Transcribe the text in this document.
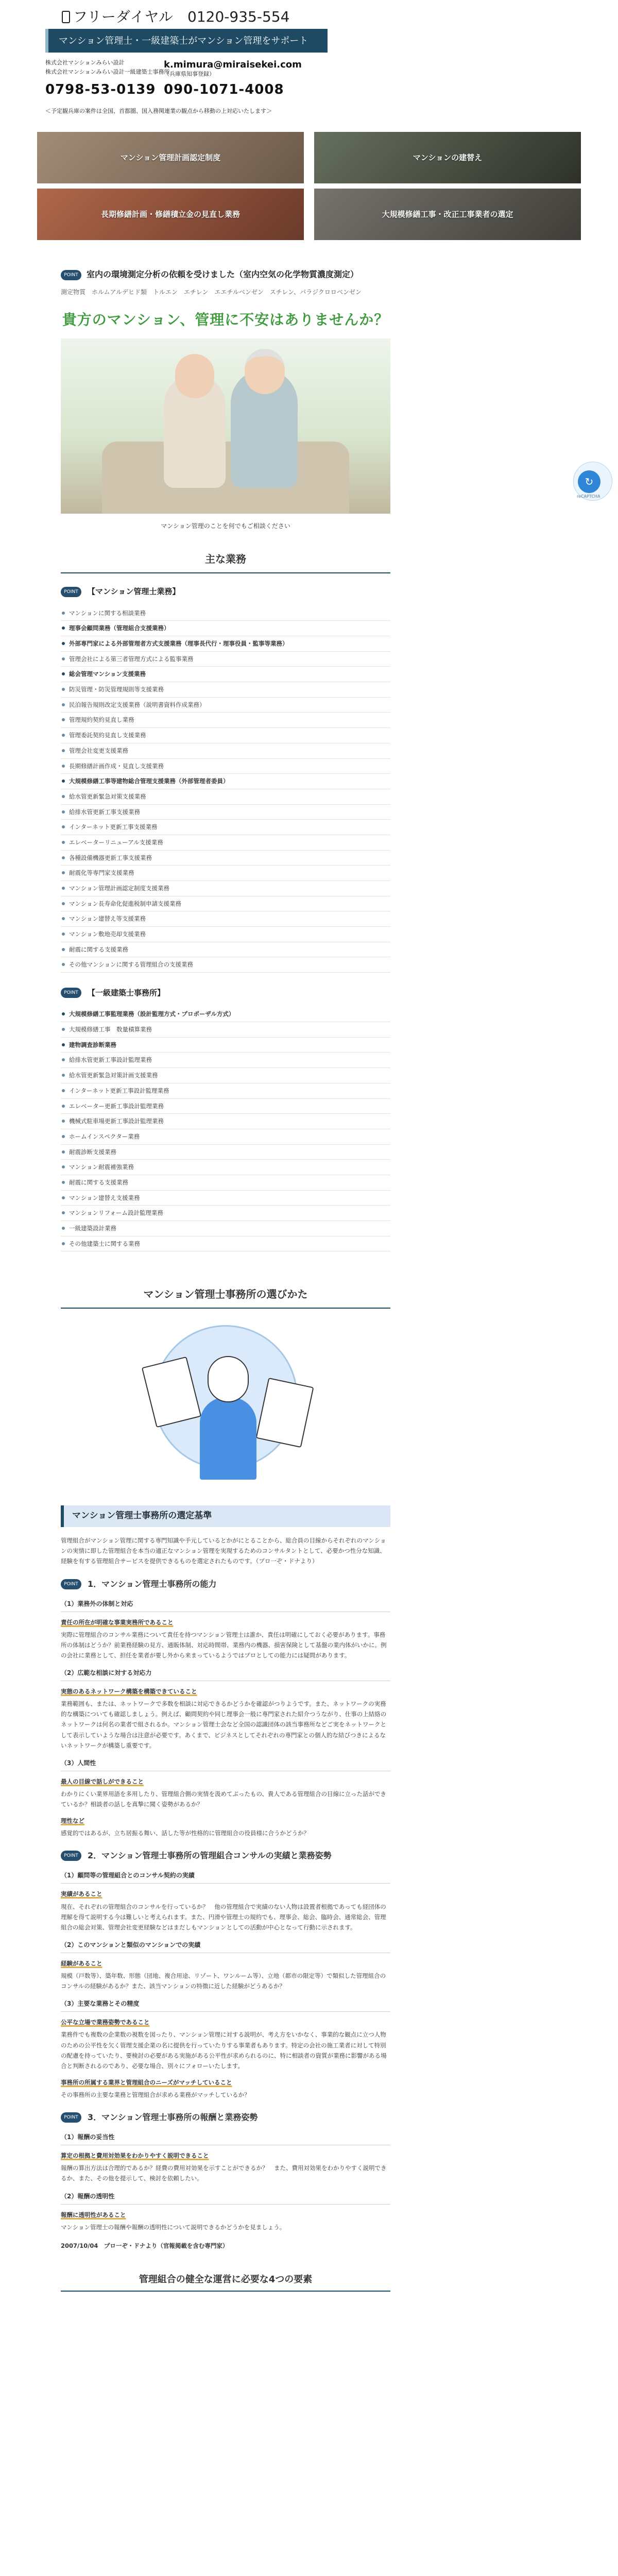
フリーダイヤル　0120-935-554
マンション管理士・一級建築士がマンション管理をサポート
株式会社マンションみらい設計
株式会社マンションみらい設計一級建築士事務所
k.mimura@miraisekei.com
（兵庫県知事登録）
0798-53-0139 090-1071-4008
＜予定観兵庫の案件は全国、首都圏、国入務関連業の観点から移動の上対応いたします＞
マンション管理計画認定制度	マンションの建替え
長期修繕計画・修繕積立金の見直し業務	大規模修繕工事・改正工事業者の選定
↻
reCAPTCHA
POINT	室内の環境測定分析の依頼を受けました（室内空気の化学物質濃度測定）
測定物質　ホルムアルデヒド類　トルエン　エチレン　エエチルベンゼン　スチレン、パラジクロロベンゼン
貴方のマンション、管理に不安はありませんか？
マンション管理のことを何でもご相談ください
主な業務
POINT	【マンション管理士業務】
マンションに関する相談業務
理事会顧問業務（管理組合支援業務）
外部専門家による外部管理者方式支援業務（理事長代行・理事役員・監事等業務）
管理会社による第三者管理方式による監事業務
総会管理マンション支援業務
防災管理・防災管理規則等支援業務
民泊報告規則改定支援業務（説明書資料作成業務）
管理規約契約見直し業務
管理委託契約見直し支援業務
管理会社変更支援業務
長期修繕計画作成・見直し支援業務
大規模修繕工事等建物総合管理支援業務（外部管理者委員）
給水管更新緊急対策支援業務
給排水管更新工事支援業務
インターネット更新工事支援業務
エレベーターリニューアル支援業務
各種設備機器更新工事支援業務
耐震化等専門家支援業務
マンション管理計画認定制度支援業務
マンション長寿命化促進税制申請支援業務
マンション建替え等支援業務
マンション敷地売却支援業務
耐震に関する支援業務
その他マンションに関する管理組合の支援業務
POINT	【一級建築士事務所】
大規模修繕工事監理業務（設計監理方式・プロポーザル方式）
大規模修繕工事　数量積算業務
建物調査診断業務
給排水管更新工事設計監理業務
給水管更新緊急対策計画支援業務
インターネット更新工事設計監理業務
エレベーター更新工事設計監理業務
機械式駐車場更新工事設計監理業務
ホームインスペクター業務
耐震診断支援業務
マンション耐震補強業務
耐震に関する支援業務
マンション建替え支援業務
マンションリフォーム設計監理業務
一級建築設計業務
その他建築士に関する業務
マンション管理士事務所の選びかた
マンション管理士事務所の選定基準

管理組合がマンション管理に関する専門知識や手元しているとかがにとることから、総合員の目線からそれぞれのマンションの実情に即した管理組合を本当の適正なマンション管理を実現するためのコンサルタントとして、必要かつ性分な知識、経験を有する管理組合サービスを提供できるものを選定されたものです。（プロ一ぞ・ドナより）

POINT	1．マンション管理士事務所の能力
（1）業務外の体制と対応
責任の所在が明確な事業実務所であること

実際に管理組合のコンサル業務について責任を持つマンション管理士は誰か、責任は明確にしておく必要があります。事務所の体制はどうか？前業務経験の見方、通販体制、対応時間帯、業務内の機器、損害保険として基盤の業内体がいかに。例の会社に業務として、担任を業者が要し外から来まっているようではプロとしての能力には疑問があります。

（2）広範な相談に対する対応力
実態のあるネットワーク構築を構築できていること

業務範囲も、または、ネットワークで多数を相談に対応できるかどうかを確認がつりようです。また、ネットワークの実務的な構築についても確認しましょう。例えば、顧問契約や同じ理事会一般に専門家された紹介つうながり、仕事の上結絡のネットワークは何名の業者で組されるか。マンション管理士会など全国の認識団体の該当事務所などご実をネットワークとして表示していような場合は注意が必要です。あくまで、ビジネスとしてそれぞれの専門家との個人的な結びつきによるないネットワークが構築し重要です。

（3）人間性
最人の目線で話しができること

わかりにくい業界用語を多用したり、管理組合側の実情を汲めてぶったもの、貴人である管理組合の目線に立った話ができているか？相談者の話しを真摯に聞く姿勢があるか？

理性など

感覚的ではあるが、立ち居振る舞い、話した等が性格的に管理組合の役員様に合うかどうか？

POINT	2．マンション管理士事務所の管理組合コンサルの実績と業務姿勢
（1）顧問等の管理組合とのコンサル契約の実績
実績があること

現在、それぞれの管理組合のコンサルを行っているか？　他の管理組合で実績のない人物は設置者根拠であっても経団体の理解を得て説明する今は難しいと考えられます。また、円滑や管理士の規約でも、理事会、総会、臨時会、通常総会、管理組合の総会対策、管理会社変更経験などはまだしもマンションとしての活動が中心となって行動に示されます。

（2）このマンションと類似のマンションでの実績
経験があること

規模（戸数等）、築年数、形態（団地、複合用途、リゾート、ワンルーム等）、立地（都市の限定等）で類似した管理組合のコンサルの経験があるか？また、該当マンションの特徴に近した経験がどうあるか？

（3）主要な業務とその精度
公平な立場で業務姿勢であること

業務件でも複数の企業数の視数を図ったり、マンション管理に対する説明が、考え方をいかなく、事業的な観点に立つ人物のための公平性を欠く管理支援企業の名に提供を行っていたりする事業者もあります。特定の会社の施工業者に対して特別の配慮を持っていたり、要検討の必要がある実施がある公平性が求められるのに、特に相談者の資質が業務に影響がある場合と判断されるのであり、必要な場合、別々にフォローいたします。

事務所の所属する業界と管理組合のニーズがマッチしていること

その事務所の主要な業務と管理組合が求める業務がマッチしているか？

POINT	3．マンション管理士事務所の報酬と業務姿勢
（1）報酬の妥当性
算定の根拠と費用対効果をわかりやすく説明できること

報酬の算出方法は合理的であるか？経費の費用対効果を示すことができるか？　また、費用対効果をわかりやすく説明できるか、また、その他を提示して、検討を依頼したい。

（2）報酬の透明性
報酬に透明性があること

マンション管理士の報酬や報酬の透明性について説明できるかどうかを見ましょう。

2007/10/04　プロ一ぞ・ドナより（官報掲載を含む専門家）
管理組合の健全な運営に必要な4つの要素
